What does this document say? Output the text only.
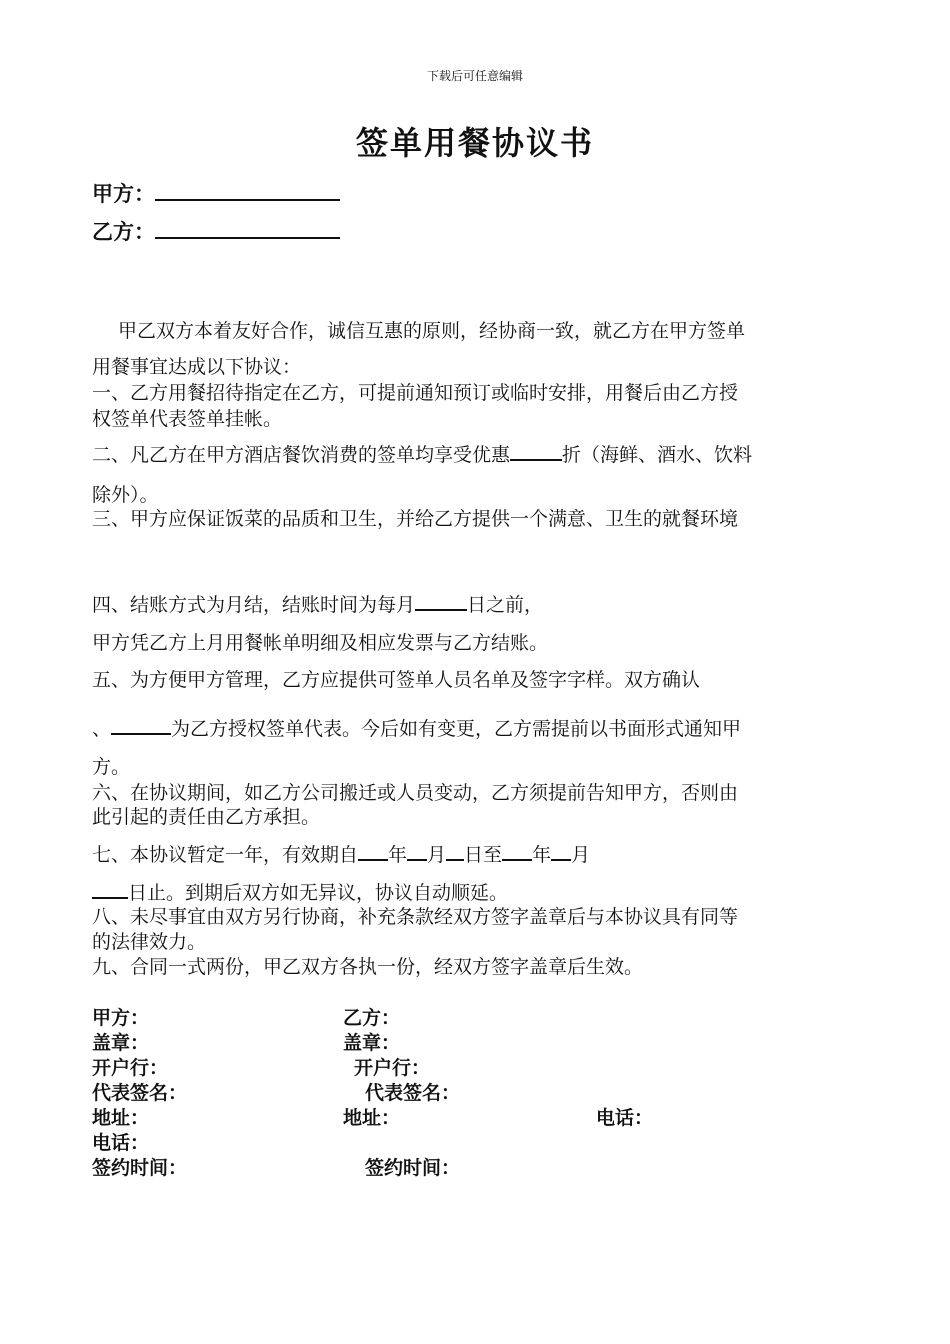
下载后可任意编辑
签单用餐协议书
甲方：
乙方：
甲乙双方本着友好合作，诚信互惠的原则，经协商一致，就乙方在甲方签单
用餐事宜达成以下协议：
一、乙方用餐招待指定在乙方，可提前通知预订或临时安排，用餐后由乙方授
权签单代表签单挂帐。
二、凡乙方在甲方酒店餐饮消费的签单均享受优惠	折（海鲜、酒水、饮料
除外）。
三、甲方应保证饭菜的品质和卫生，并给乙方提供一个满意、卫生的就餐环境
四、结账方式为月结，结账时间为每月	日之前，
甲方凭乙方上月用餐帐单明细及相应发票与乙方结账。
五、为方便甲方管理，乙方应提供可签单人员名单及签字字样。双方确认
、	为乙方授权签单代表。今后如有变更，乙方需提前以书面形式通知甲
方。
六、在协议期间，如乙方公司搬迁或人员变动，乙方须提前告知甲方，否则由
此引起的责任由乙方承担。
七、本协议暂定一年，有效期自 年 月 日至 年 月
日止。到期后双方如无异议，协议自动顺延。
八、未尽事宜由双方另行协商，补充条款经双方签字盖章后与本协议具有同等
的法律效力。
九、合同一式两份，甲乙双方各执一份，经双方签字盖章后生效。
甲方：	乙方：
盖章：	盖章：
开户行：	开户行：
代表签名：	代表签名：
地址：	地址：	电话：
电话：
签约时间：	签约时间：
